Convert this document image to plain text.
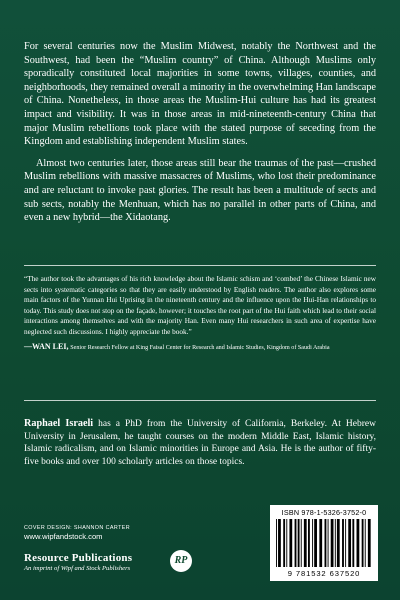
For several centuries now the Muslim Midwest, notably the Northwest and the Southwest, had been the “Muslim country” of China. Although Muslims only sporadically constituted local majorities in some towns, villages, counties, and neighborhoods, they remained overall a minority in the overwhelming Han landscape of China. Nonetheless, in those areas the Muslim-Hui culture has had its greatest impact and visibility. It was in those areas in mid-nineteenth-century China that major Muslim rebellions took place with the stated purpose of seceding from the Kingdom and establishing independent Muslim states.

Almost two centuries later, those areas still bear the traumas of the past—crushed Muslim rebellions with massive massacres of Muslims, who lost their predominance and are reluctant to invoke past glories. The result has been a multitude of sects and sub sects, notably the Menhuan, which has no parallel in other parts of China, and even a new hybrid—the Xidaotang.

“The author took the advantages of his rich knowledge about the Islamic schism and ‘combed’ the Chinese Islamic new sects into systematic categories so that they are easily understood by English readers. The author also explores some main factors of the Yunnan Hui Uprising in the nineteenth century and the influence upon the Hui-Han relationships to today. This study does not stop on the façade, however; it touches the root part of the Hui faith which lead to their social interactions among themselves and with the majority Han. Even many Hui researchers in such area of expertise have neglected such discussions. I highly appreciate the book.”

—WAN LEI, Senior Research Fellow at King Faisal Center for Research and Islamic Studies, Kingdom of Saudi Arabia
Raphael Israeli has a PhD from the University of California, Berkeley. At Hebrew University in Jerusalem, he taught courses on the modern Middle East, Islamic history, Islamic radicalism, and on Islamic minorities in Europe and Asia. He is the author of fifty-five books and over 100 scholarly articles on those topics.
COVER DESIGN: SHANNON CARTER
www.wipfandstock.com
Resource Publications
An imprint of Wipf and Stock Publishers
RP
ISBN 978-1-5326-3752-0
9 781532 637520
